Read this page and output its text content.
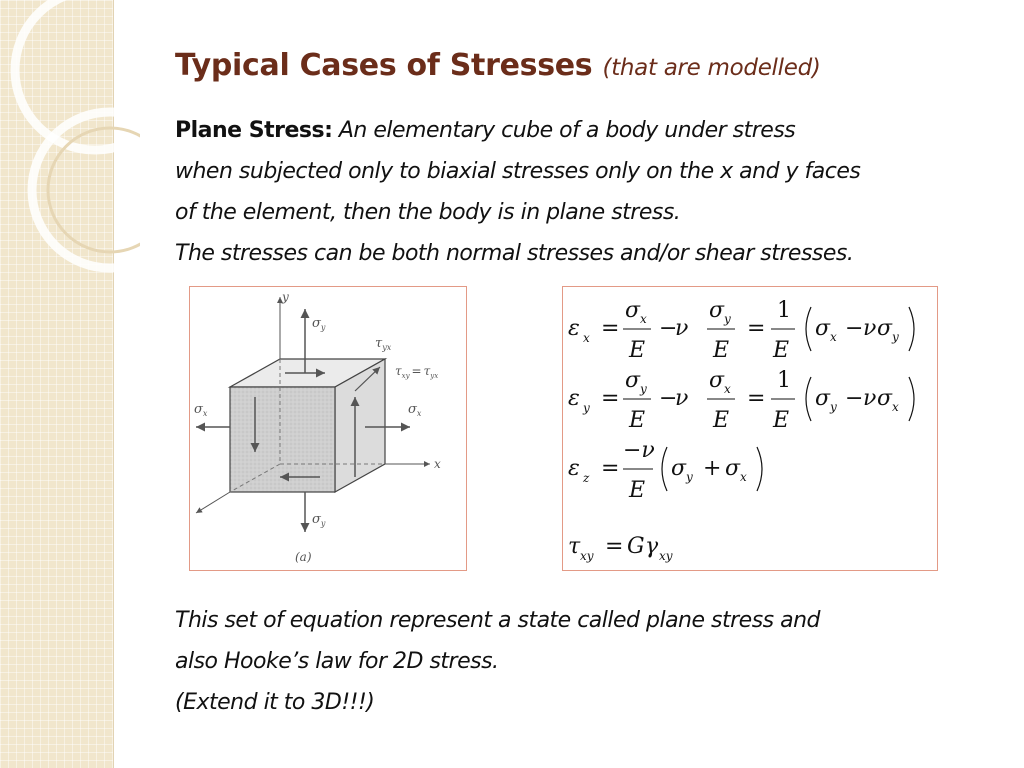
Typical Cases of Stresses (that are modelled)
Plane Stress: An elementary cube of a body under stress
when subjected only to biaxial stresses only on the x and y faces
of the element, then the body is in plane stress.
The stresses can be both normal stresses and/or shear stresses.
y
x
$\sigma_y$
$\tau_{yx}$
$\tau_{xy} = \tau_{yx}$
$\sigma_x$	$\sigma_x$
$\sigma_y$
(a)
ε x =
σ x
E
−
ν
σ y
E
=
1
E
σ x − ν σ y
ε y =
σ y
E
−
ν
σ x
E
=
1
E
σ y − ν σ x
ε z =
−ν
E
σ y + σ x
τ xy = G γ xy
This set of equation represent a state called plane stress and
also Hooke’s law for 2D stress.
(Extend it to 3D!!!)
